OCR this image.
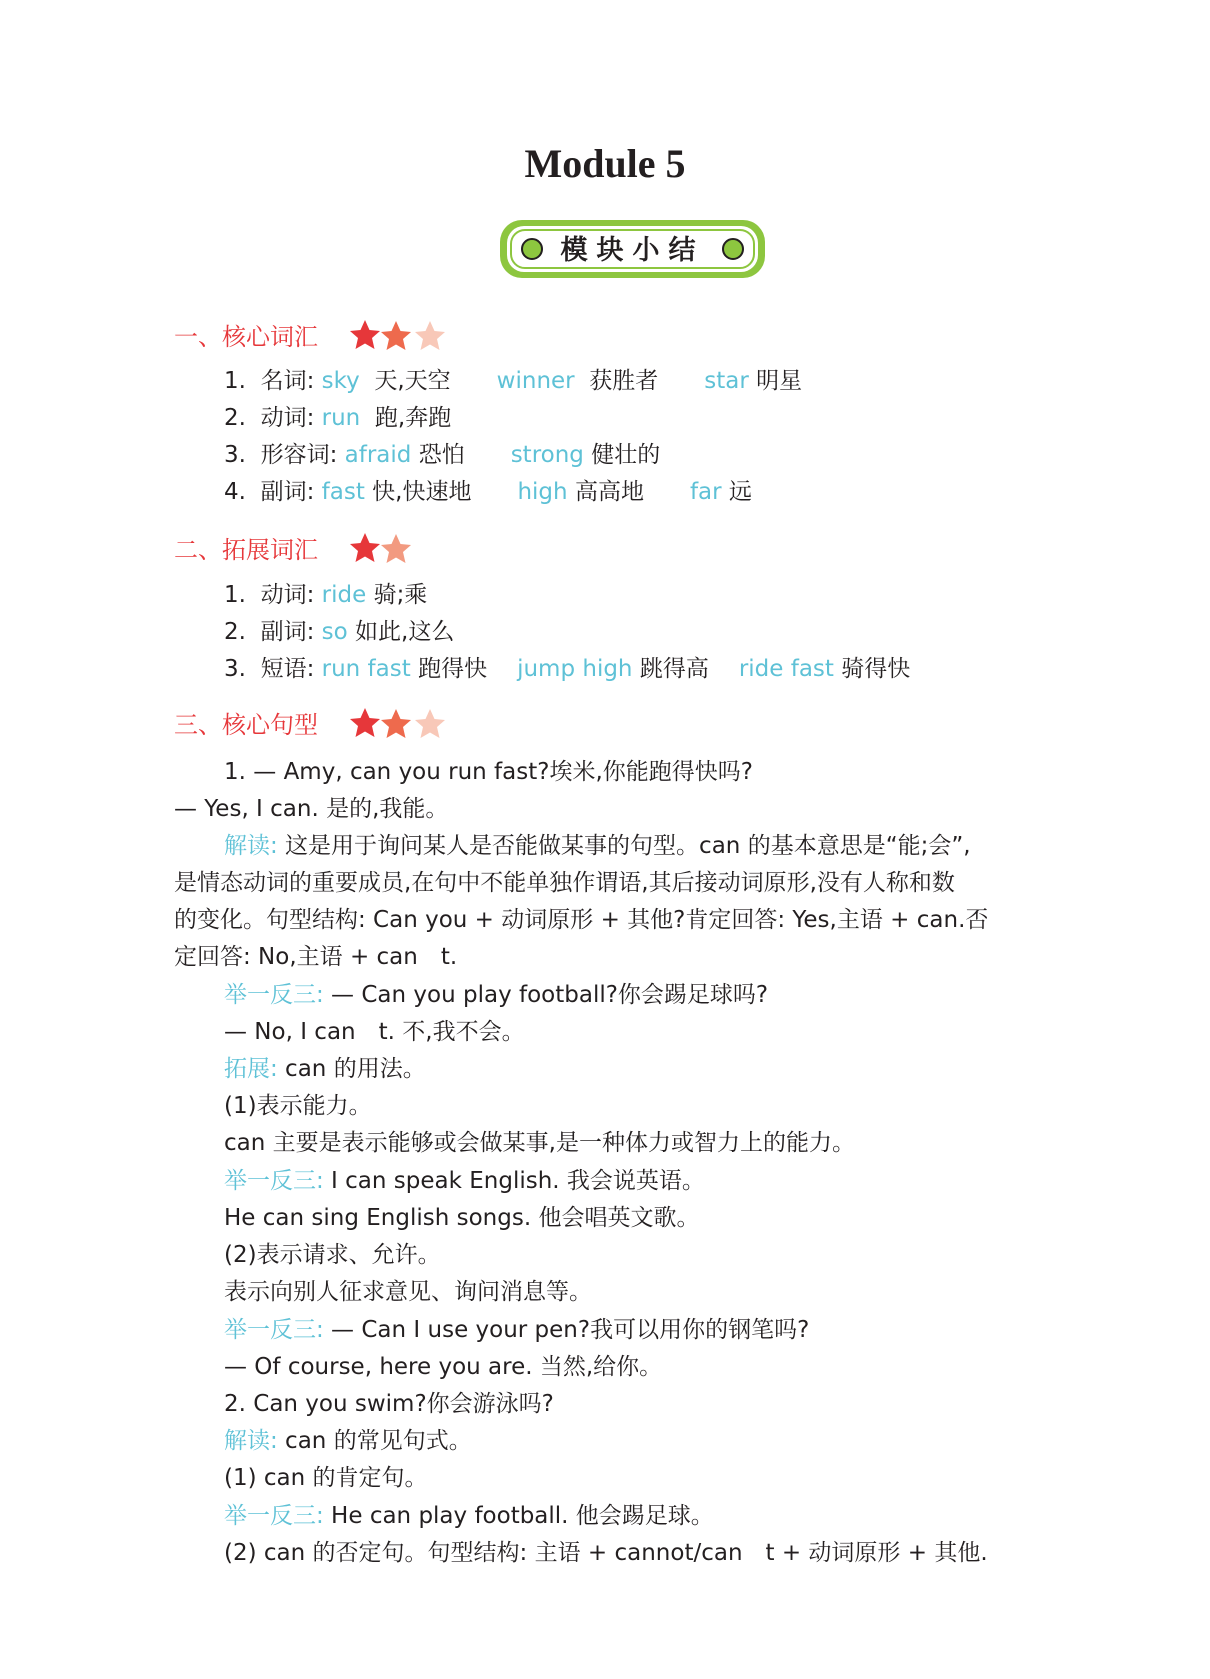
Module 5
模块小结
一、核心词汇
1. 名词: sky 天,天空 winner 获胜者 star 明星
2. 动词: run 跑,奔跑
3. 形容词: afraid 恐怕 strong 健壮的
4. 副词: fast 快,快速地 high 高高地 far 远
二、拓展词汇
1. 动词: ride 骑;乘
2. 副词: so 如此,这么
3. 短语: run fast 跑得快 jump high 跳得高 ride fast 骑得快
三、核心句型
1. — Amy, can you run fast?埃米,你能跑得快吗?
— Yes, I can. 是的,我能。
解读: 这是用于询问某人是否能做某事的句型。can 的基本意思是“能;会”,
是情态动词的重要成员,在句中不能单独作谓语,其后接动词原形,没有人称和数
的变化。句型结构: Can you + 动词原形 + 其他?肯定回答: Yes,主语 + can.否
定回答: No,主语 + can　t.
举一反三: — Can you play football?你会踢足球吗?
— No, I can　t. 不,我不会。
拓展: can 的用法。
(1)表示能力。
can 主要是表示能够或会做某事,是一种体力或智力上的能力。
举一反三: I can speak English. 我会说英语。
He can sing English songs. 他会唱英文歌。
(2)表示请求、允许。
表示向别人征求意见、询问消息等。
举一反三: — Can I use your pen?我可以用你的钢笔吗?
— Of course, here you are. 当然,给你。
2. Can you swim?你会游泳吗?
解读: can 的常见句式。
(1) can 的肯定句。
举一反三: He can play football. 他会踢足球。
(2) can 的否定句。句型结构: 主语 + cannot/can　t + 动词原形 + 其他.
